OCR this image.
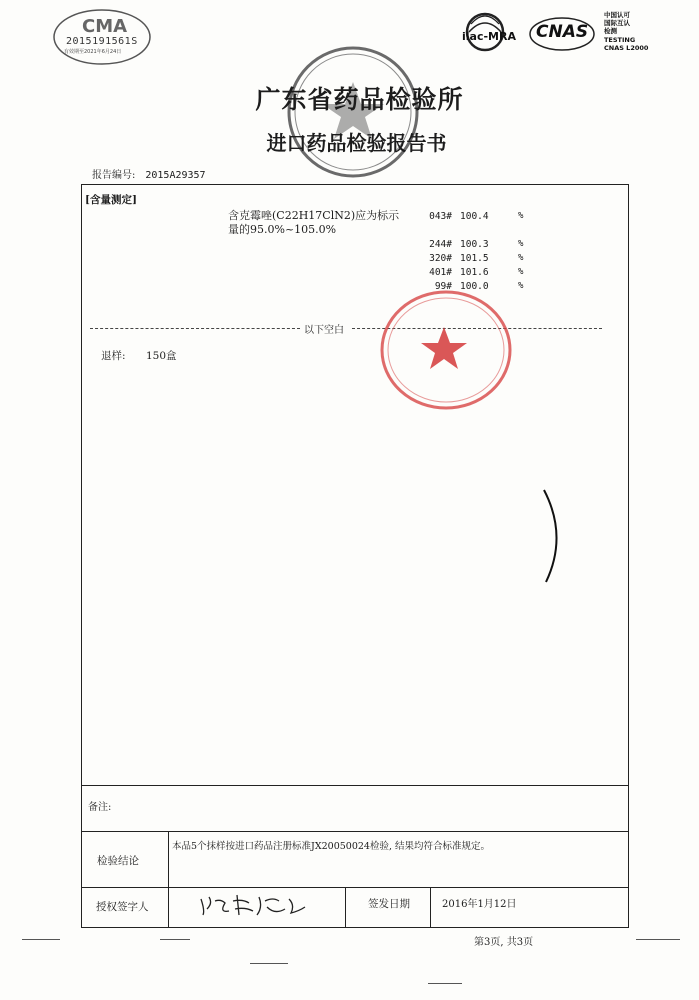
CMA
2015191561S
有效期至2021年6月24日
ilac-MRA CNAS
中国认可
国际互认
检测
TESTING
CNAS L2000
广东省药品检验所
进口药品检验报告书
报告编号: 2015A29357
[含量测定]
含克霉唑(C22H17ClN2)应为标示
量的95.0%~105.0%
043# 100.4	%
244# 100.3	%
320# 101.5	%
401# 101.6	%
99# 100.0	%
以下空白
退样: 150盒
备注:
检验结论
本品5个抹样按进口药品注册标准JX20050024检验, 结果均符合标准规定。
授权签字人	签发日期	2016年1月12日
第3页, 共3页
